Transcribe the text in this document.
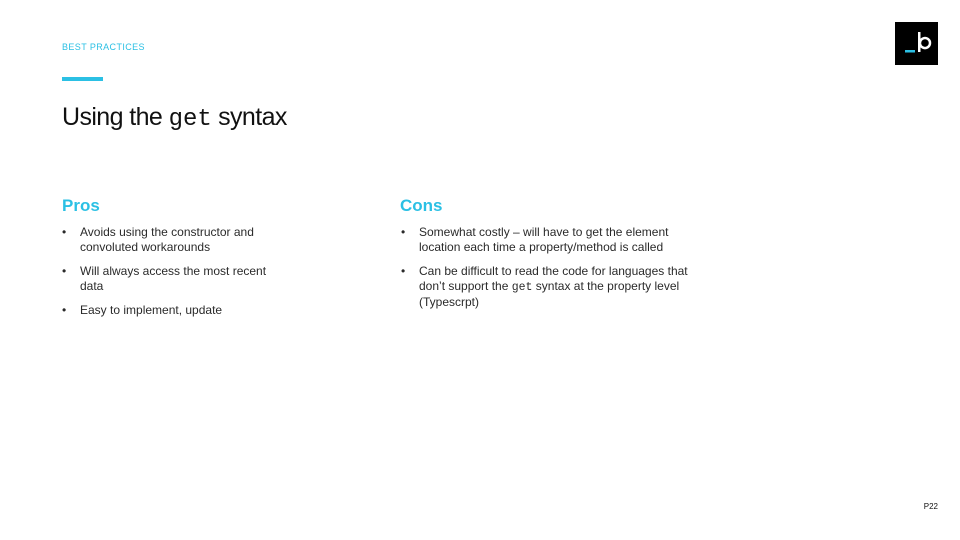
BEST PRACTICES
Using the get syntax
Pros
• Avoids using the constructor and convoluted workarounds
• Will always access the most recent data
• Easy to implement, update
Cons
• Somewhat costly – will have to get the element location each time a property/method is called
• Can be difficult to read the code for languages that don’t support the get syntax at the property level (Typescrpt)
P22
